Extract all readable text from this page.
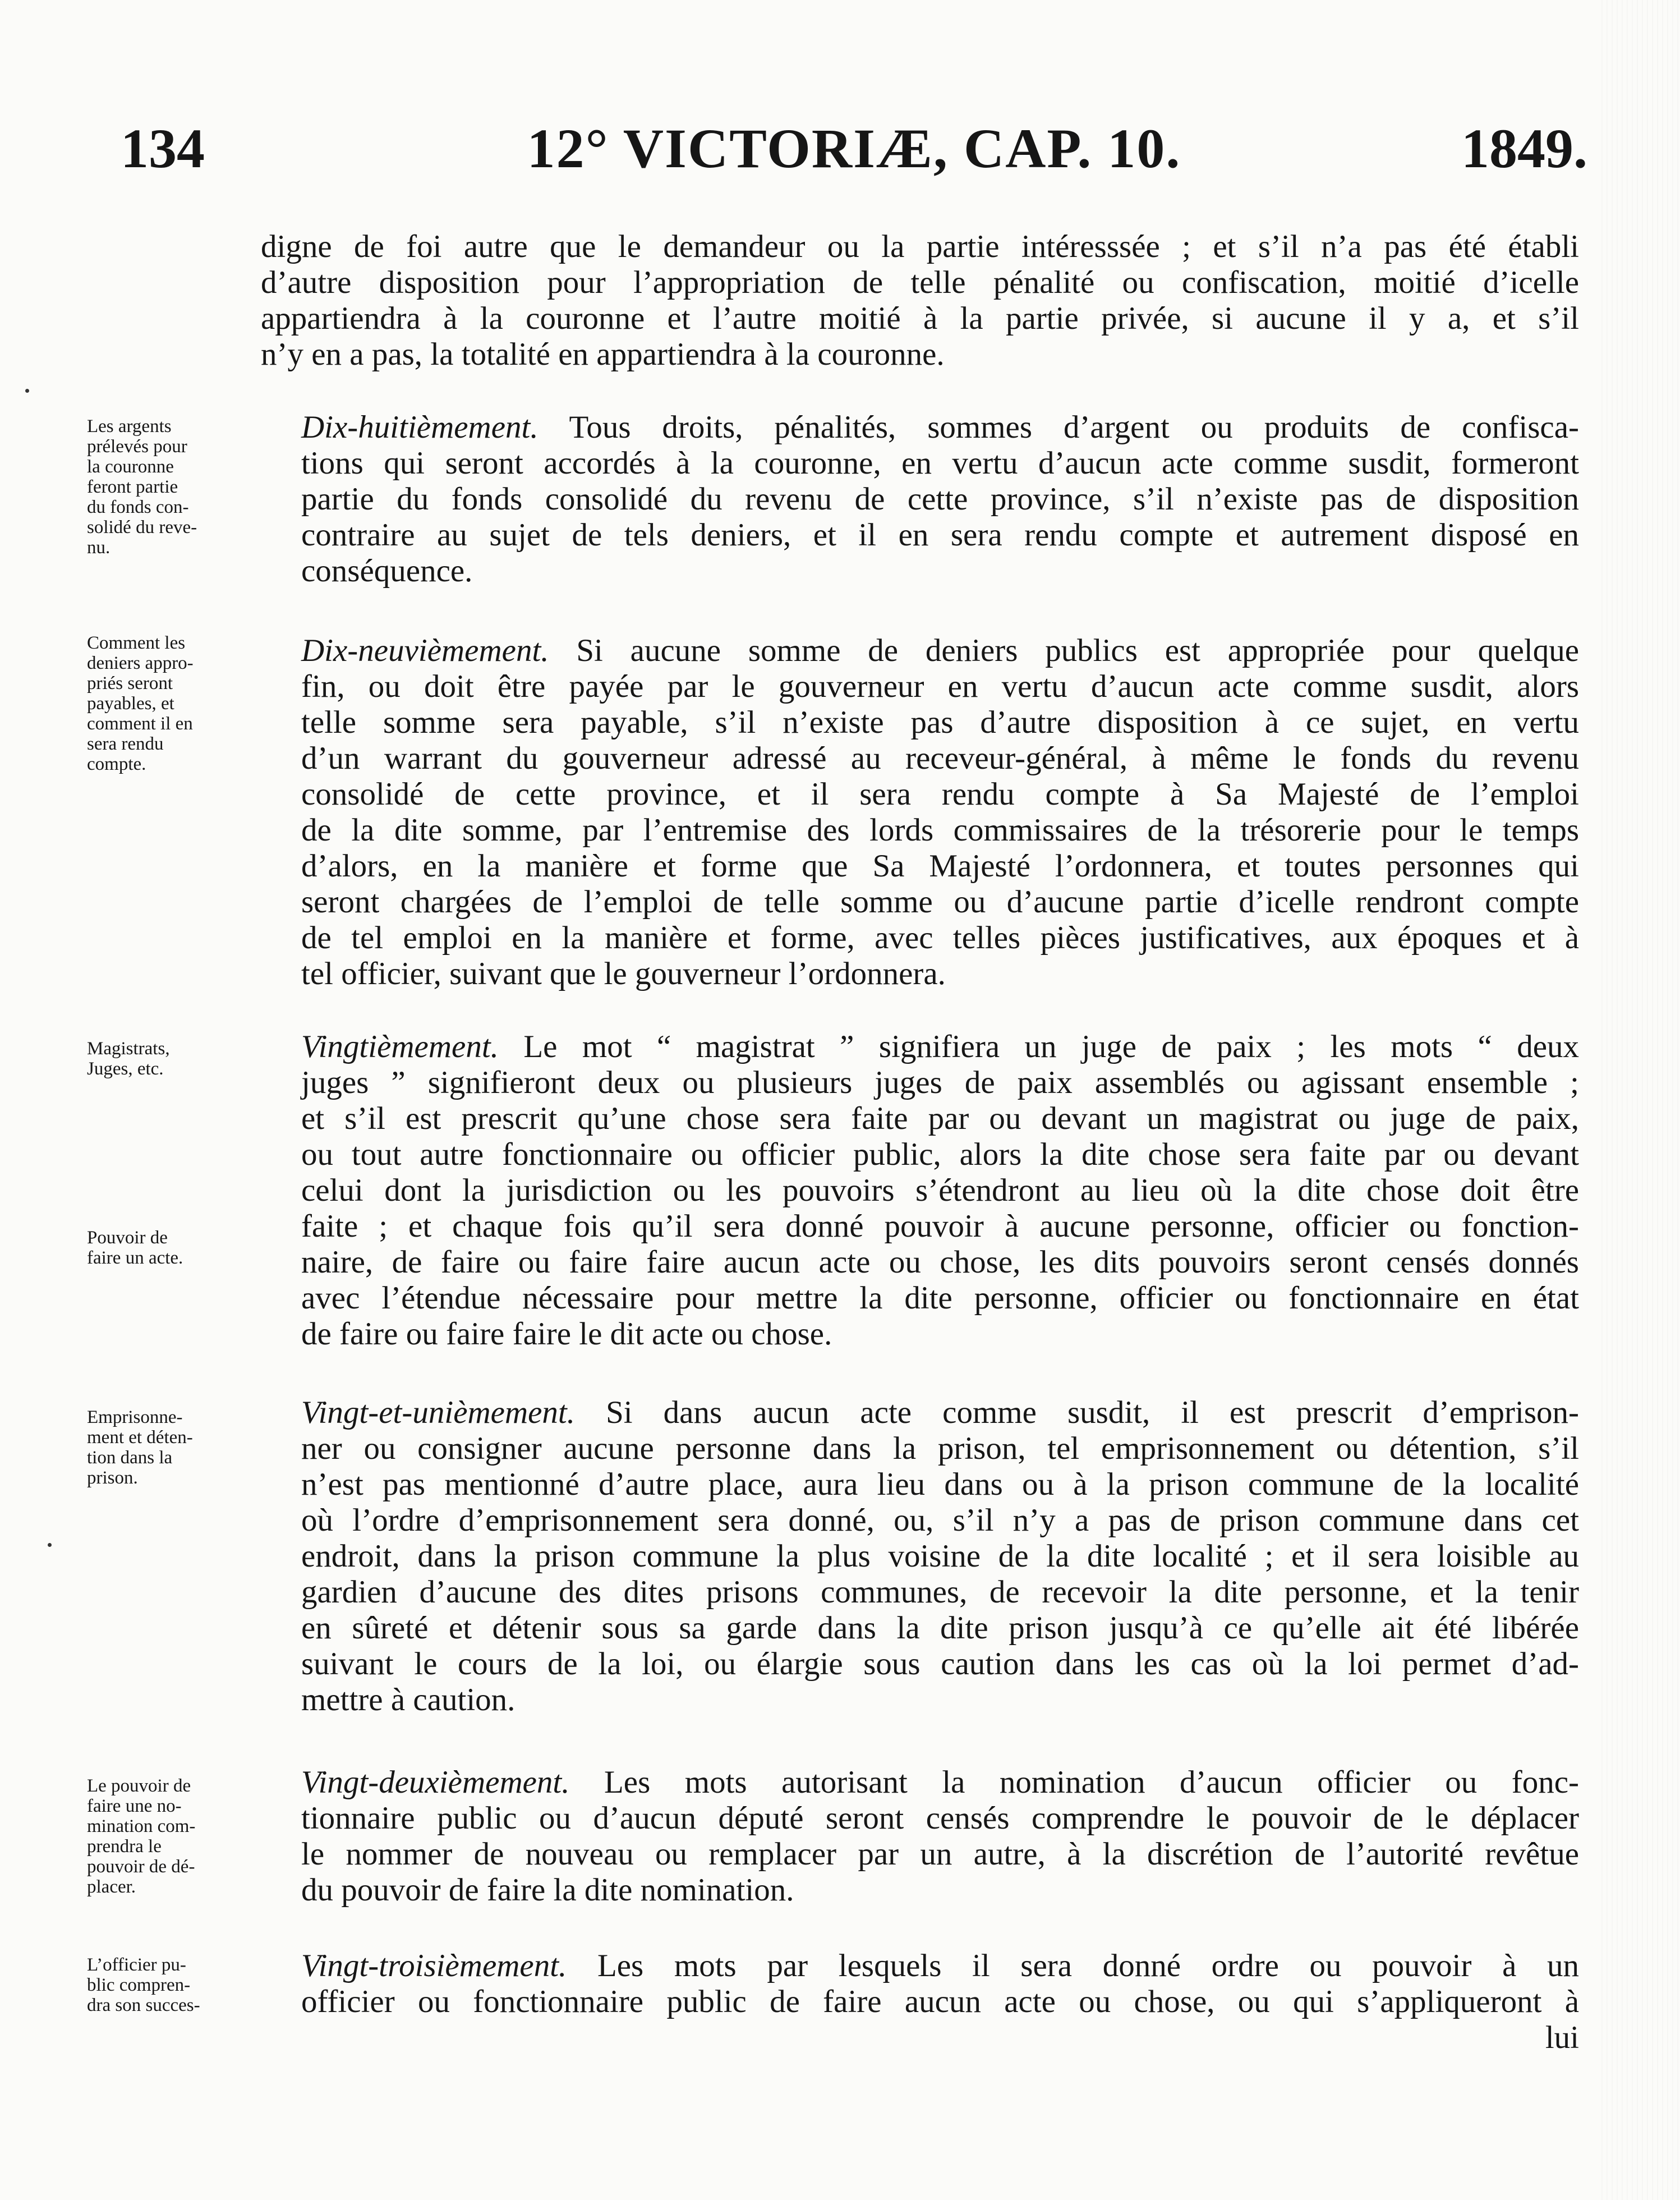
134	12° VICTORIÆ, CAP. 10.	1849.

digne de foi autre que le demandeur ou la partie intéresssée ; et s’il n’a pas été établi
d’autre disposition pour l’appropriation de telle pénalité ou confiscation, moitié d’icelle
appartiendra à la couronne et l’autre moitié à la partie privée, si aucune il y a, et s’il
n’y en a pas, la totalité en appartiendra à la couronne.

Les argents
prélevés pour
la couronne
feront partie
du fonds con-
solidé du reve-
nu.

Dix-huitièmement. Tous droits, pénalités, sommes d’argent ou produits de confisca-
tions qui seront accordés à la couronne, en vertu d’aucun acte comme susdit, formeront
partie du fonds consolidé du revenu de cette province, s’il n’existe pas de disposition
contraire au sujet de tels deniers, et il en sera rendu compte et autrement disposé en
conséquence.

Comment les
deniers appro-
priés seront
payables, et
comment il en
sera rendu
compte.

Dix-neuvièmement. Si aucune somme de deniers publics est appropriée pour quelque
fin, ou doit être payée par le gouverneur en vertu d’aucun acte comme susdit, alors
telle somme sera payable, s’il n’existe pas d’autre disposition à ce sujet, en vertu
d’un warrant du gouverneur adressé au receveur-général, à même le fonds du revenu
consolidé de cette province, et il sera rendu compte à Sa Majesté de l’emploi
de la dite somme, par l’entremise des lords commissaires de la trésorerie pour le temps
d’alors, en la manière et forme que Sa Majesté l’ordonnera, et toutes personnes qui
seront chargées de l’emploi de telle somme ou d’aucune partie d’icelle rendront compte
de tel emploi en la manière et forme, avec telles pièces justificatives, aux époques et à
tel officier, suivant que le gouverneur l’ordonnera.

Magistrats,
Juges, etc.
Pouvoir de
faire un acte.

Vingtièmement. Le mot “ magistrat ” signifiera un juge de paix ; les mots “ deux
juges ” signifieront deux ou plusieurs juges de paix assemblés ou agissant ensemble ;
et s’il est prescrit qu’une chose sera faite par ou devant un magistrat ou juge de paix,
ou tout autre fonctionnaire ou officier public, alors la dite chose sera faite par ou devant
celui dont la jurisdiction ou les pouvoirs s’étendront au lieu où la dite chose doit être
faite ; et chaque fois qu’il sera donné pouvoir à aucune personne, officier ou fonction-
naire, de faire ou faire faire aucun acte ou chose, les dits pouvoirs seront censés donnés
avec l’étendue nécessaire pour mettre la dite personne, officier ou fonctionnaire en état
de faire ou faire faire le dit acte ou chose.

Emprisonne-
ment et déten-
tion dans la
prison.

Vingt-et-unièmement. Si dans aucun acte comme susdit, il est prescrit d’emprison-
ner ou consigner aucune personne dans la prison, tel emprisonnement ou détention, s’il
n’est pas mentionné d’autre place, aura lieu dans ou à la prison commune de la localité
où l’ordre d’emprisonnement sera donné, ou, s’il n’y a pas de prison commune dans cet
endroit, dans la prison commune la plus voisine de la dite localité ; et il sera loisible au
gardien d’aucune des dites prisons communes, de recevoir la dite personne, et la tenir
en sûreté et détenir sous sa garde dans la dite prison jusqu’à ce qu’elle ait été libérée
suivant le cours de la loi, ou élargie sous caution dans les cas où la loi permet d’ad-
mettre à caution.

Le pouvoir de
faire une no-
mination com-
prendra le
pouvoir de dé-
placer.

Vingt-deuxièmement. Les mots autorisant la nomination d’aucun officier ou fonc-
tionnaire public ou d’aucun député seront censés comprendre le pouvoir de le déplacer
le nommer de nouveau ou remplacer par un autre, à la discrétion de l’autorité revêtue
du pouvoir de faire la dite nomination.

L’officier pu-
blic compren-
dra son succes-

Vingt-troisièmement. Les mots par lesquels il sera donné ordre ou pouvoir à un
officier ou fonctionnaire public de faire aucun acte ou chose, ou qui s’appliqueront à
lui
